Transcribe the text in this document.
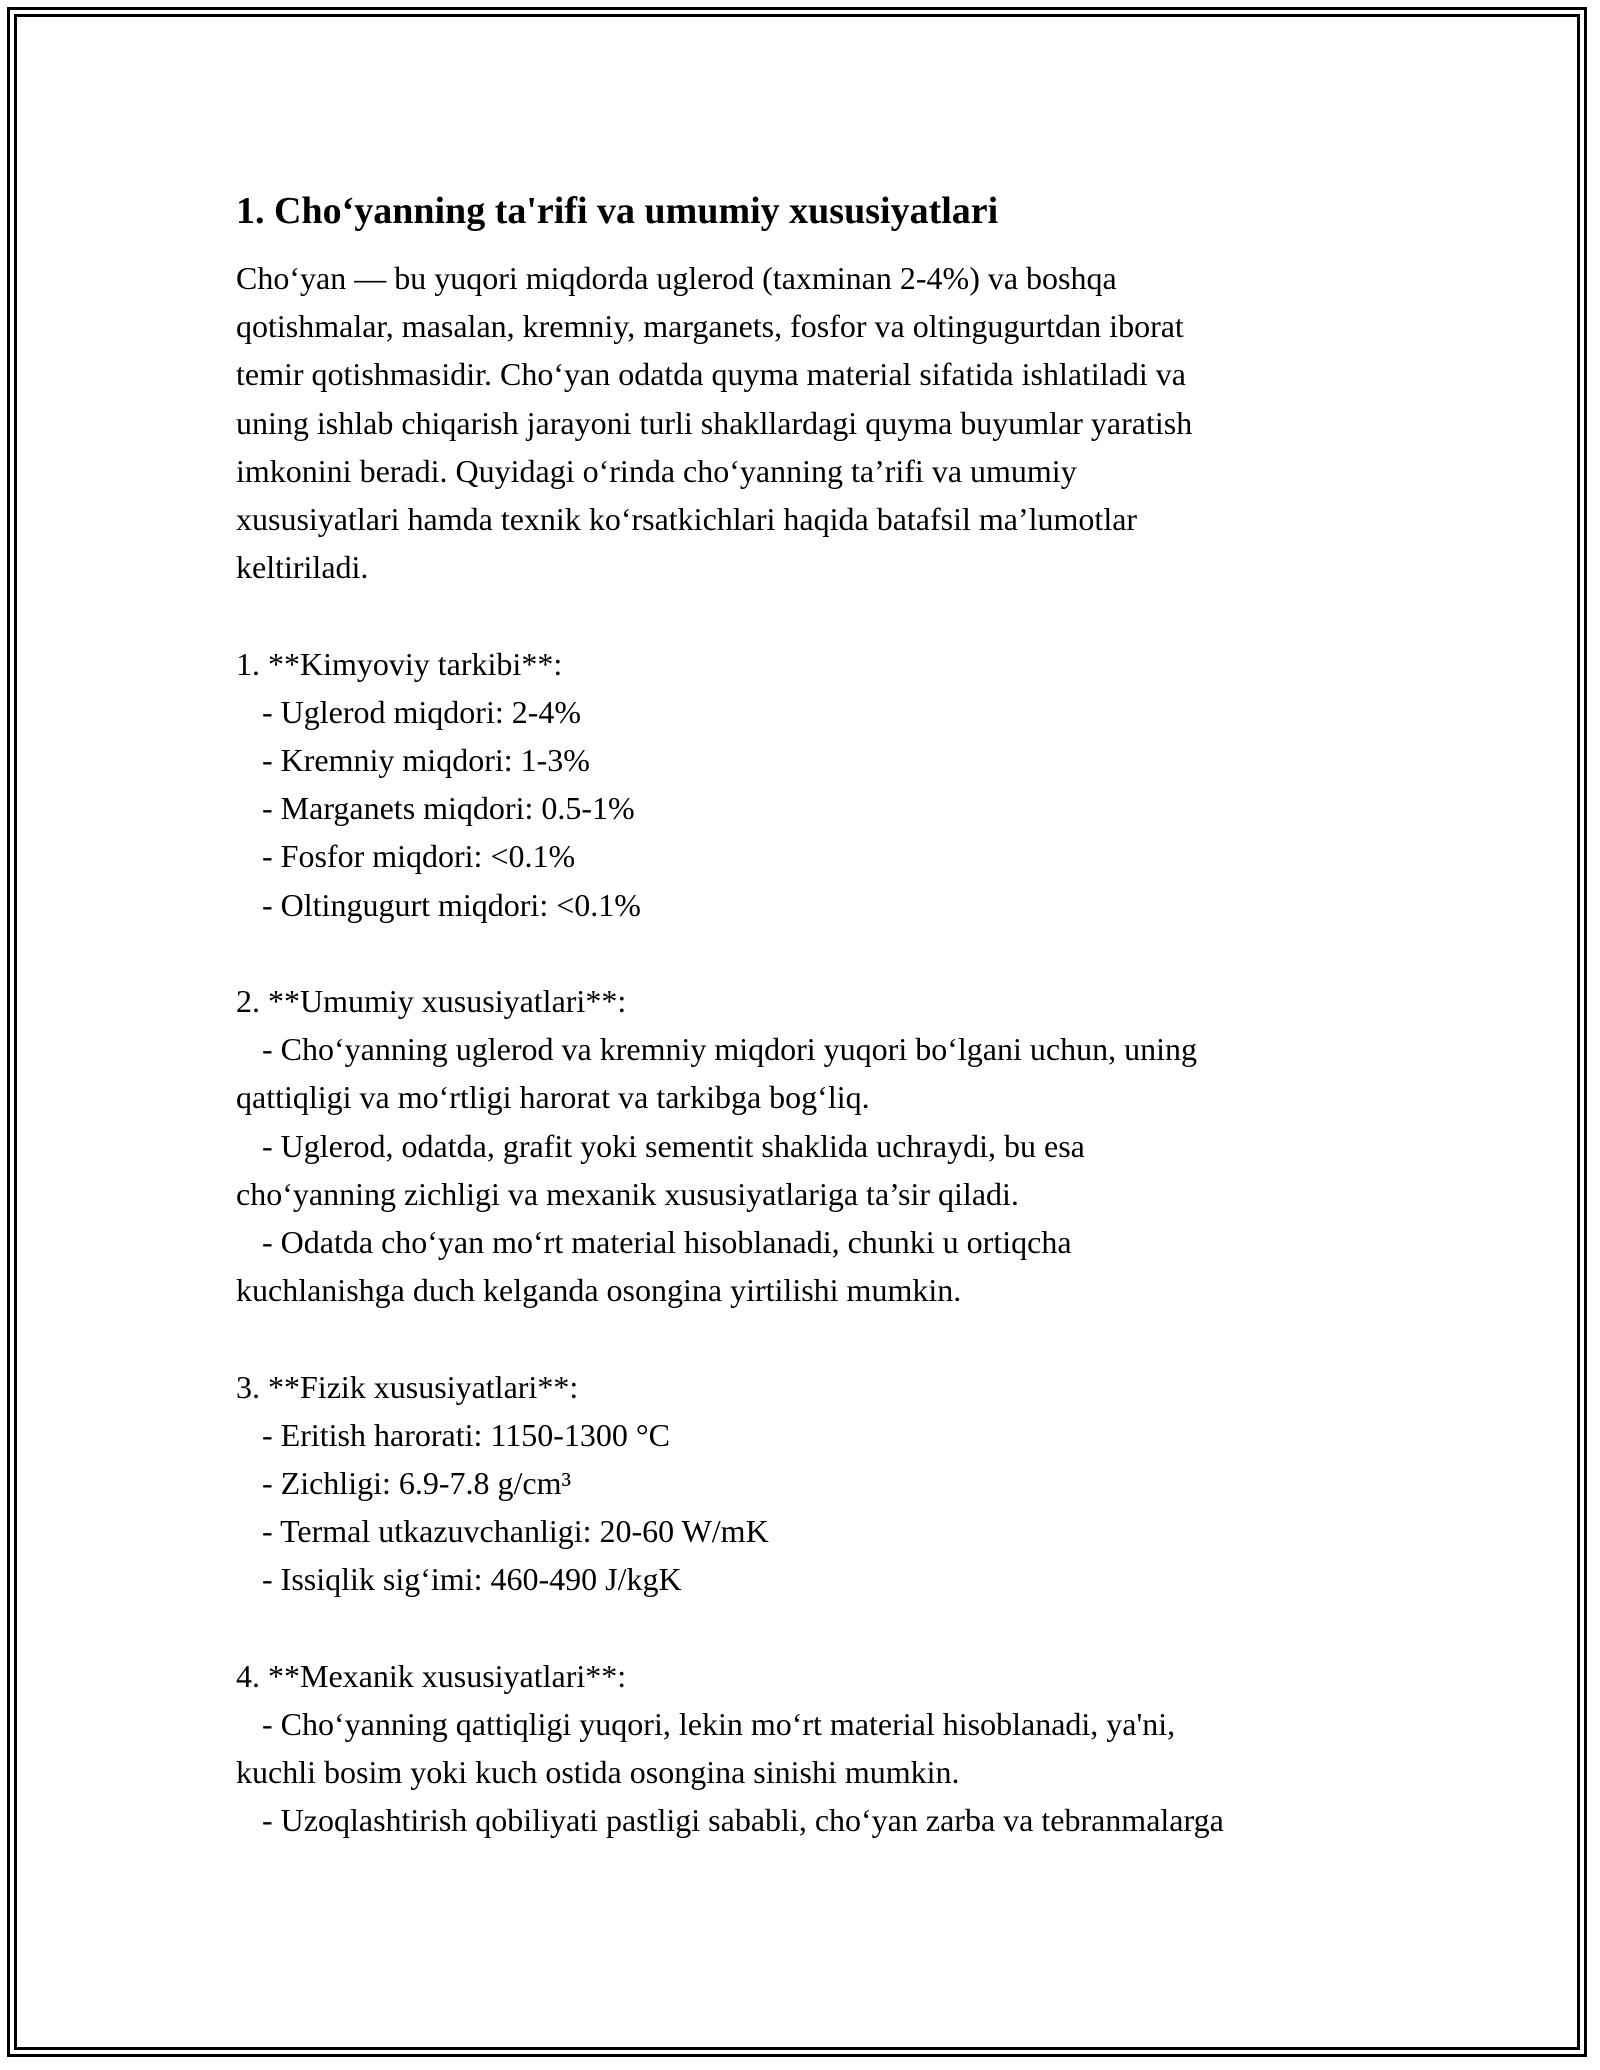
1. Cho‘yanning ta'rifi va umumiy xususiyatlari
Cho‘yan — bu yuqori miqdorda uglerod (taxminan 2-4%) va boshqa
qotishmalar, masalan, kremniy, marganets, fosfor va oltingugurtdan iborat
temir qotishmasidir. Cho‘yan odatda quyma material sifatida ishlatiladi va
uning ishlab chiqarish jarayoni turli shakllardagi quyma buyumlar yaratish
imkonini beradi. Quyidagi o‘rinda cho‘yanning ta’rifi va umumiy
xususiyatlari hamda texnik ko‘rsatkichlari haqida batafsil ma’lumotlar
keltiriladi.
1. **Kimyoviy tarkibi**:
- Uglerod miqdori: 2-4%
- Kremniy miqdori: 1-3%
- Marganets miqdori: 0.5-1%
- Fosfor miqdori: <0.1%
- Oltingugurt miqdori: <0.1%
2. **Umumiy xususiyatlari**:
- Cho‘yanning uglerod va kremniy miqdori yuqori bo‘lgani uchun, uning
qattiqligi va mo‘rtligi harorat va tarkibga bog‘liq.
- Uglerod, odatda, grafit yoki sementit shaklida uchraydi, bu esa
cho‘yanning zichligi va mexanik xususiyatlariga ta’sir qiladi.
- Odatda cho‘yan mo‘rt material hisoblanadi, chunki u ortiqcha
kuchlanishga duch kelganda osongina yirtilishi mumkin.
3. **Fizik xususiyatlari**:
- Eritish harorati: 1150-1300 °C
- Zichligi: 6.9-7.8 g/cm³
- Termal utkazuvchanligi: 20-60 W/mK
- Issiqlik sig‘imi: 460-490 J/kgK
4. **Mexanik xususiyatlari**:
- Cho‘yanning qattiqligi yuqori, lekin mo‘rt material hisoblanadi, ya'ni,
kuchli bosim yoki kuch ostida osongina sinishi mumkin.
- Uzoqlashtirish qobiliyati pastligi sababli, cho‘yan zarba va tebranmalarga
